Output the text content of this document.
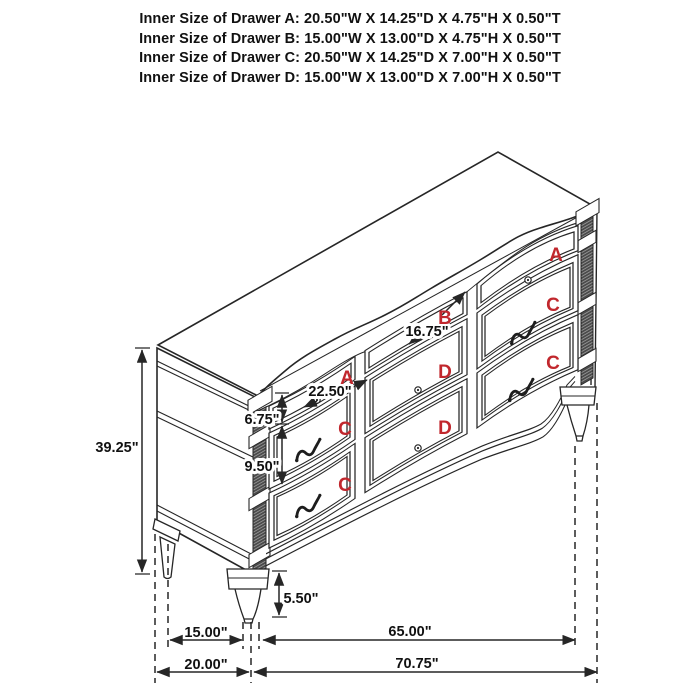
Inner Size of Drawer A: 20.50"W X 14.25"D X 4.75"H X 0.50"T
Inner Size of Drawer B: 15.00"W X 13.00"D X 4.75"H X 0.50"T
Inner Size of Drawer C: 20.50"W X 14.25"D X 7.00"H X 0.50"T
Inner Size of Drawer D: 15.00"W X 13.00"D X 7.00"H X 0.50"T
39.25"
6.75"
9.50"
5.50"
22.50"
16.75"
15.00"	65.00"
20.00"	70.75"
A
B
A
C
D
C
C
D
C
